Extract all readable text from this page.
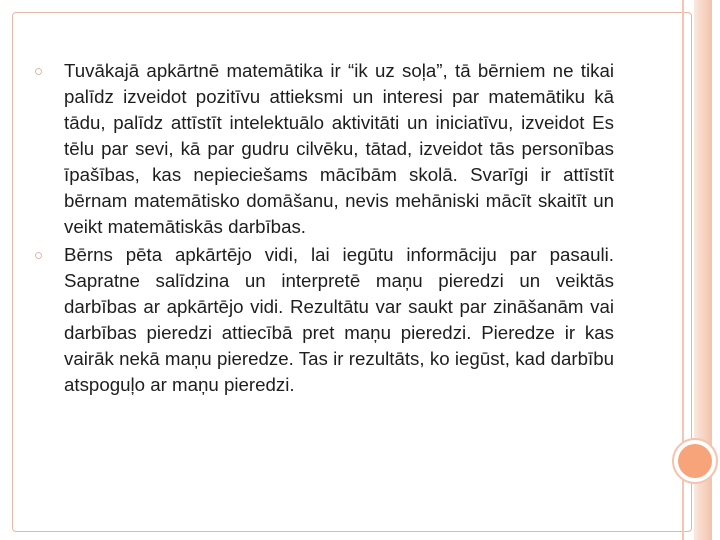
○ Tuvākajā apkārtnē matemātika ir “ik uz soļa”, tā bērniem ne tikai palīdz izveidot pozitīvu attieksmi un interesi par matemātiku kā tādu, palīdz attīstīt intelektuālo aktivitāti un iniciatīvu, izveidot Es tēlu par sevi, kā par gudru cilvēku, tātad, izveidot tās personības īpašības, kas nepieciešams mācībām skolā. Svarīgi ir attīstīt bērnam matemātisko domāšanu, nevis mehāniski mācīt skaitīt un veikt matemātiskās darbības.
○ Bērns pēta apkārtējo vidi, lai iegūtu informāciju par pasauli. Sapratne salīdzina un interpretē maņu pieredzi un veiktās darbības ar apkārtējo vidi. Rezultātu var saukt par zināšanām vai darbības pieredzi attiecībā pret maņu pieredzi. Pieredze ir kas vairāk nekā maņu pieredze. Tas ir rezultāts, ko iegūst, kad darbību atspoguļo ar maņu pieredzi.
